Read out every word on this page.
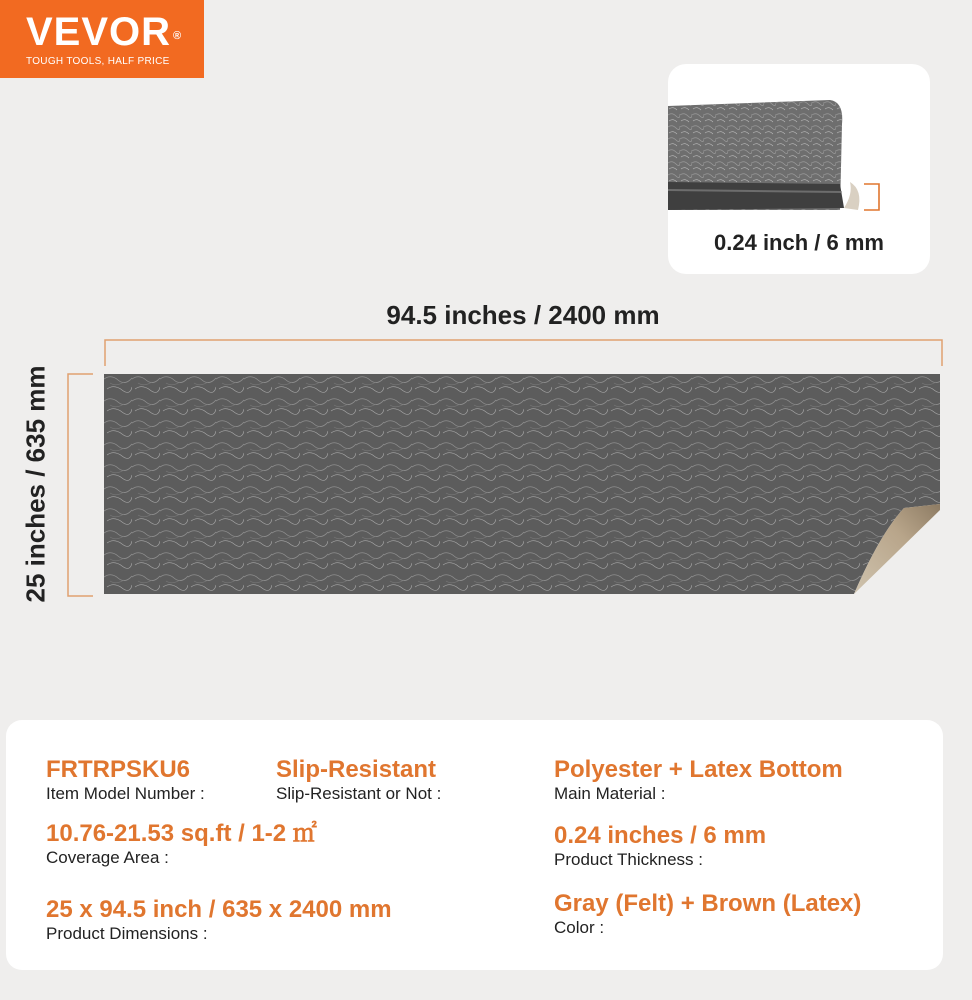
VEVOR ®
TOUGH TOOLS, HALF PRICE
0.24 inch / 6 mm
94.5 inches / 2400 mm
25 inches / 635 mm
FRTRPSKU6
Item Model Number :
Slip-Resistant
Slip-Resistant or Not :
Polyester + Latex Bottom
Main Material :
10.76-21.53 sq.ft / 1-2 ㎡
Coverage Area :
0.24 inches / 6 mm
Product Thickness :
25 x 94.5 inch / 635 x 2400 mm
Product Dimensions :
Gray (Felt) + Brown (Latex)
Color :
